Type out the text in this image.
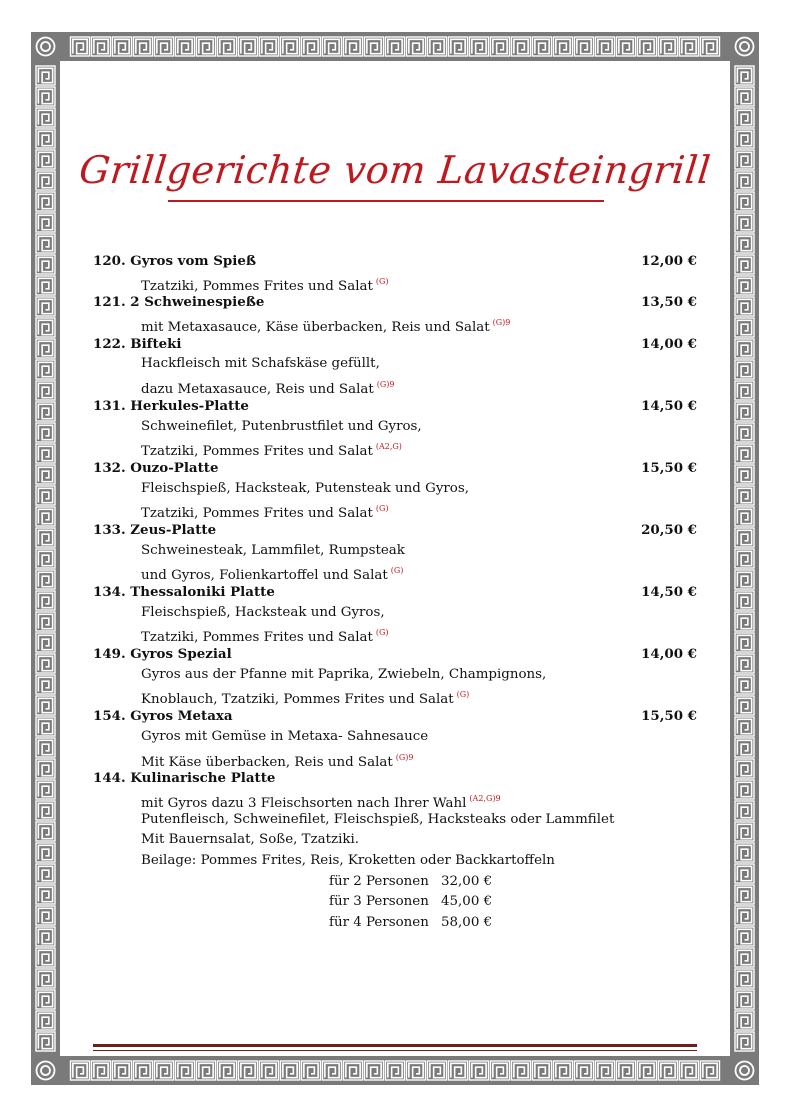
Grillgerichte vom Lavasteingrill
120. Gyros vom Spieß	12,00 €
Tzatziki, Pommes Frites und Salat $^{(G)}$
121. 2 Schweinespieße	13,50 €
mit Metaxasauce, Käse überbacken, Reis und Salat $^{(G)9}$
122. Bifteki	14,00 €
Hackfleisch mit Schafskäse gefüllt,
dazu Metaxasauce, Reis und Salat $^{(G)9}$
131. Herkules-Platte	14,50 €
Schweinefilet, Putenbrustfilet und Gyros,
Tzatziki, Pommes Frites und Salat $^{(A2,G)}$
132. Ouzo-Platte	15,50 €
Fleischspieß, Hacksteak, Putensteak und Gyros,
Tzatziki, Pommes Frites und Salat $^{(G)}$
133. Zeus-Platte	20,50 €
Schweinesteak, Lammfilet, Rumpsteak
und Gyros, Folienkartoffel und Salat $^{(G)}$
134. Thessaloniki Platte	14,50 €
Fleischspieß, Hacksteak und Gyros,
Tzatziki, Pommes Frites und Salat $^{(G)}$
149. Gyros Spezial	14,00 €
Gyros aus der Pfanne mit Paprika, Zwiebeln, Champignons,
Knoblauch, Tzatziki, Pommes Frites und Salat $^{(G)}$
154. Gyros Metaxa	15,50 €
Gyros mit Gemüse in Metaxa- Sahnesauce
Mit Käse überbacken, Reis und Salat $^{(G)9}$
144. Kulinarische Platte
mit Gyros dazu 3 Fleischsorten nach Ihrer Wahl $^{(A2,G)9}$
Putenfleisch, Schweinefilet, Fleischspieß, Hacksteaks oder Lammfilet
Mit Bauernsalat, Soße, Tzatziki.
Beilage: Pommes Frites, Reis, Kroketten oder Backkartoffeln
für 2 Personen 32,00 €
für 3 Personen 45,00 €
für 4 Personen 58,00 €
